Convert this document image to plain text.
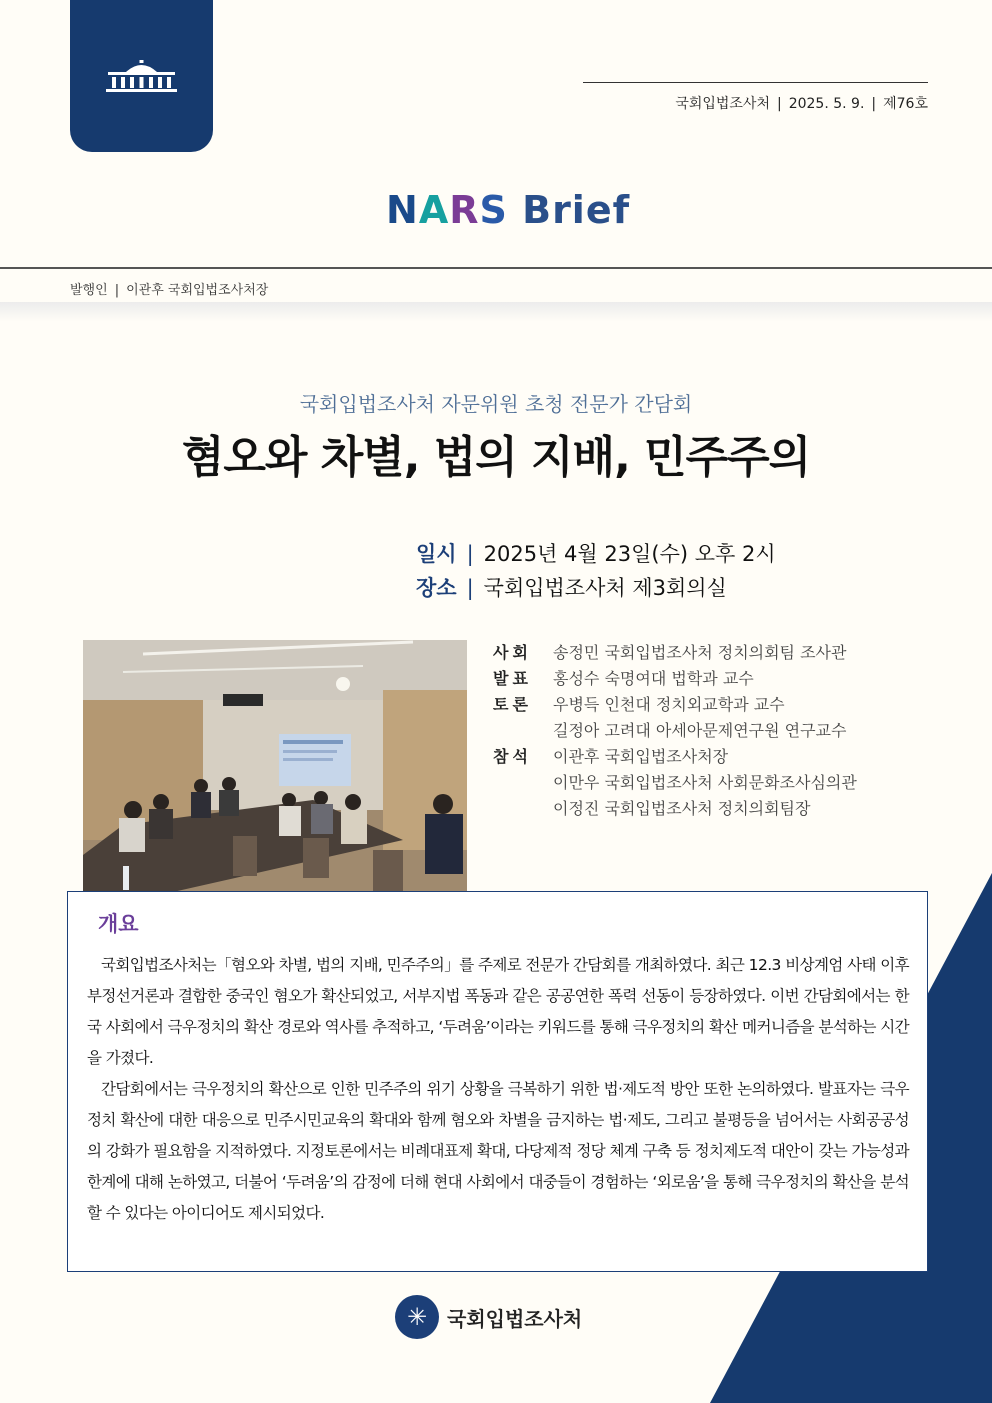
국회입법조사처 | 2025. 5. 9. | 제76호
NARS Brief
발행인 | 이관후 국회입법조사처장
국회입법조사처 자문위원 초청 전문가 간담회
혐오와 차별, 법의 지배, 민주주의
일시 | 2025년 4월 23일(수) 오후 2시
장소 | 국회입법조사처 제3회의실
사회	송정민 국회입법조사처 정치의회팀 조사관
발표	홍성수 숙명여대 법학과 교수
토론	우병득 인천대 정치외교학과 교수
길정아 고려대 아세아문제연구원 연구교수
참석	이관후 국회입법조사처장
이만우 국회입법조사처 사회문화조사심의관
이정진 국회입법조사처 정치의회팀장
개요

국회입법조사처는「혐오와 차별, 법의 지배, 민주주의」를 주제로 전문가 간담회를 개최하였다. 최근 12.3 비상계엄 사태 이후 부정선거론과 결합한 중국인 혐오가 확산되었고, 서부지법 폭동과 같은 공공연한 폭력 선동이 등장하였다. 이번 간담회에서는 한국 사회에서 극우정치의 확산 경로와 역사를 추적하고, ‘두려움’이라는 키워드를 통해 극우정치의 확산 메커니즘을 분석하는 시간을 가졌다.

간담회에서는 극우정치의 확산으로 인한 민주주의 위기 상황을 극복하기 위한 법·제도적 방안 또한 논의하였다. 발표자는 극우정치 확산에 대한 대응으로 민주시민교육의 확대와 함께 혐오와 차별을 금지하는 법·제도, 그리고 불평등을 넘어서는 사회공공성의 강화가 필요함을 지적하였다. 지정토론에서는 비례대표제 확대, 다당제적 정당 체계 구축 등 정치제도적 대안이 갖는 가능성과 한계에 대해 논하였고, 더불어 ‘두려움’의 감정에 더해 현대 사회에서 대중들이 경험하는 ‘외로움’을 통해 극우정치의 확산을 분석할 수 있다는 아이디어도 제시되었다.

✳ 국회입법조사처
